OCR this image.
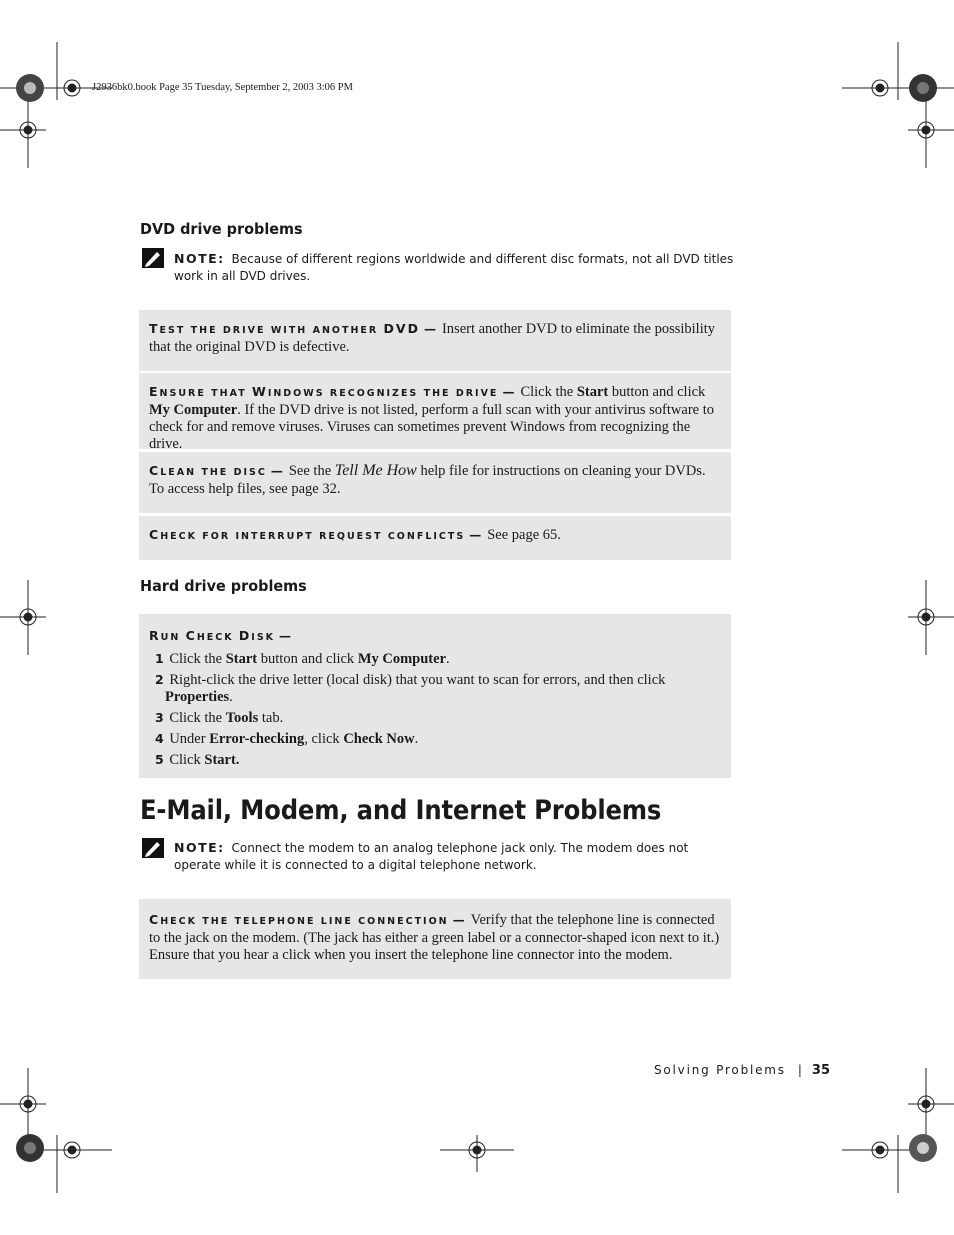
J2936bk0.book Page 35 Tuesday, September 2, 2003 3:06 PM
DVD drive problems
NOTE: Because of different regions worldwide and different disc formats, not all DVD titles work in all DVD drives.

TEST THE DRIVE WITH ANOTHER DVD — Insert another DVD to eliminate the possibility that the original DVD is defective.

ENSURE THAT WINDOWS RECOGNIZES THE DRIVE — Click the Start button and click My Computer. If the DVD drive is not listed, perform a full scan with your antivirus software to check for and remove viruses. Viruses can sometimes prevent Windows from recognizing the drive.

CLEAN THE DISC — See the Tell Me How help file for instructions on cleaning your DVDs. To access help files, see page 32.

CHECK FOR INTERRUPT REQUEST CONFLICTS — See page 65.

Hard drive problems

RUN CHECK DISK —

1 Click the Start button and click My Computer.
2 Right-click the drive letter (local disk) that you want to scan for errors, and then click
Properties.
3 Click the Tools tab.
4 Under Error-checking, click Check Now.
5 Click Start.
E-Mail, Modem, and Internet Problems
NOTE: Connect the modem to an analog telephone jack only. The modem does not operate while it is connected to a digital telephone network.

CHECK THE TELEPHONE LINE CONNECTION — Verify that the telephone line is connected to the jack on the modem. (The jack has either a green label or a connector-shaped icon next to it.) Ensure that you hear a click when you insert the telephone line connector into the modem.

Solving Problems | 35
